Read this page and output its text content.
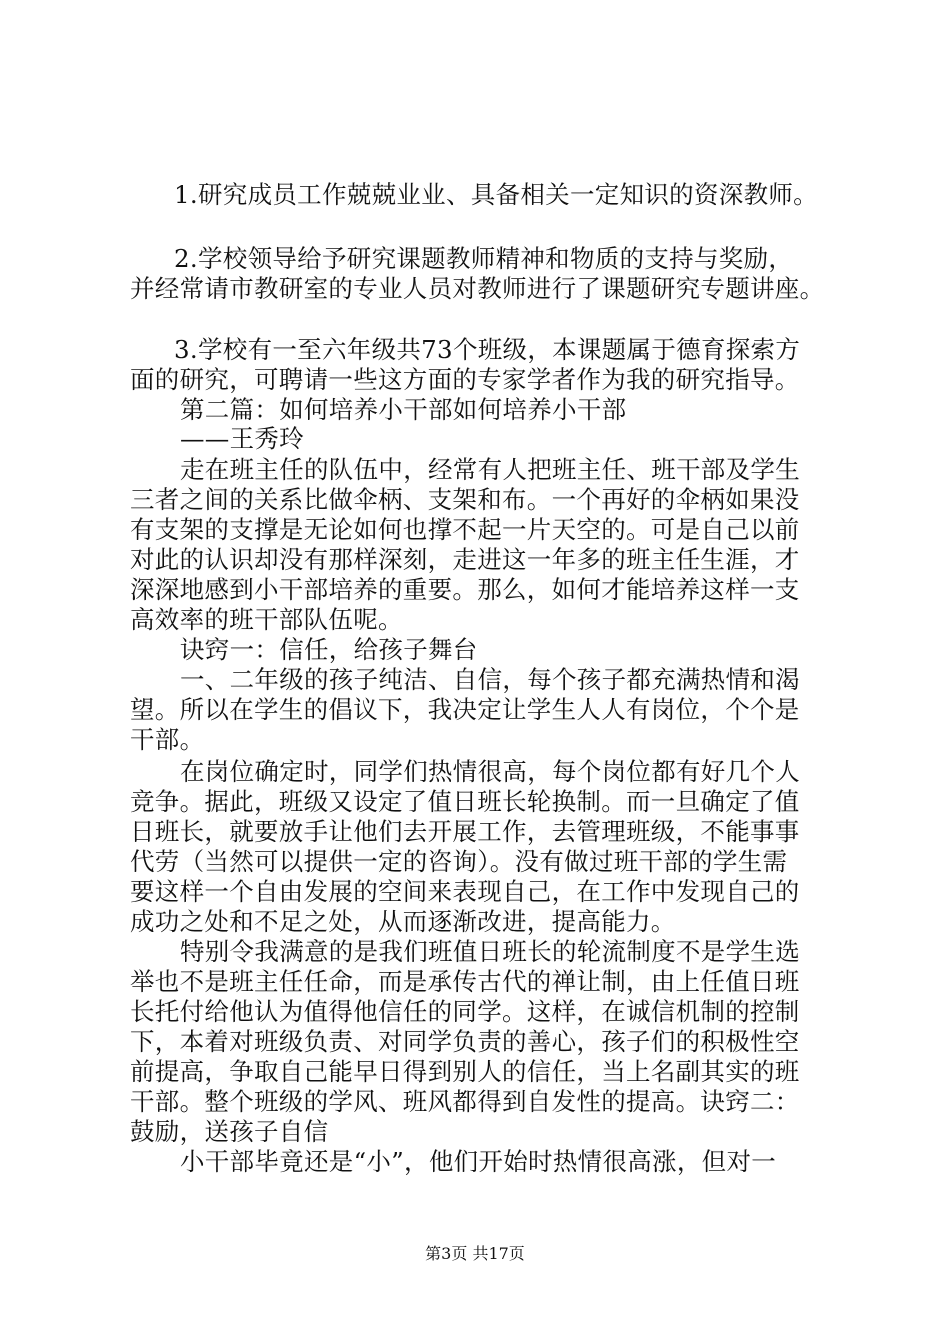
1.研究成员工作兢兢业业、具备相关一定知识的资深教师。
2.学校领导给予研究课题教师精神和物质的支持与奖励，
并经常请市教研室的专业人员对教师进行了课题研究专题讲座。
3.学校有一至六年级共73个班级，本课题属于德育探索方
面的研究，可聘请一些这方面的专家学者作为我的研究指导。
第二篇：如何培养小干部如何培养小干部
——王秀玲
走在班主任的队伍中，经常有人把班主任、班干部及学生
三者之间的关系比做伞柄、支架和布。一个再好的伞柄如果没
有支架的支撑是无论如何也撑不起一片天空的。可是自己以前
对此的认识却没有那样深刻，走进这一年多的班主任生涯，才
深深地感到小干部培养的重要。那么，如何才能培养这样一支
高效率的班干部队伍呢。
诀窍一：信任，给孩子舞台
一、二年级的孩子纯洁、自信，每个孩子都充满热情和渴
望。所以在学生的倡议下，我决定让学生人人有岗位，个个是
干部。
在岗位确定时，同学们热情很高，每个岗位都有好几个人
竞争。据此，班级又设定了值日班长轮换制。而一旦确定了值
日班长，就要放手让他们去开展工作，去管理班级，不能事事
代劳（当然可以提供一定的咨询）。没有做过班干部的学生需
要这样一个自由发展的空间来表现自己，在工作中发现自己的
成功之处和不足之处，从而逐渐改进，提高能力。
特别令我满意的是我们班值日班长的轮流制度不是学生选
举也不是班主任任命，而是承传古代的禅让制，由上任值日班
长托付给他认为值得他信任的同学。这样，在诚信机制的控制
下，本着对班级负责、对同学负责的善心，孩子们的积极性空
前提高，争取自己能早日得到别人的信任，当上名副其实的班
干部。整个班级的学风、班风都得到自发性的提高。诀窍二：
鼓励，送孩子自信
小干部毕竟还是“小”，他们开始时热情很高涨，但对一
第3页 共17页
